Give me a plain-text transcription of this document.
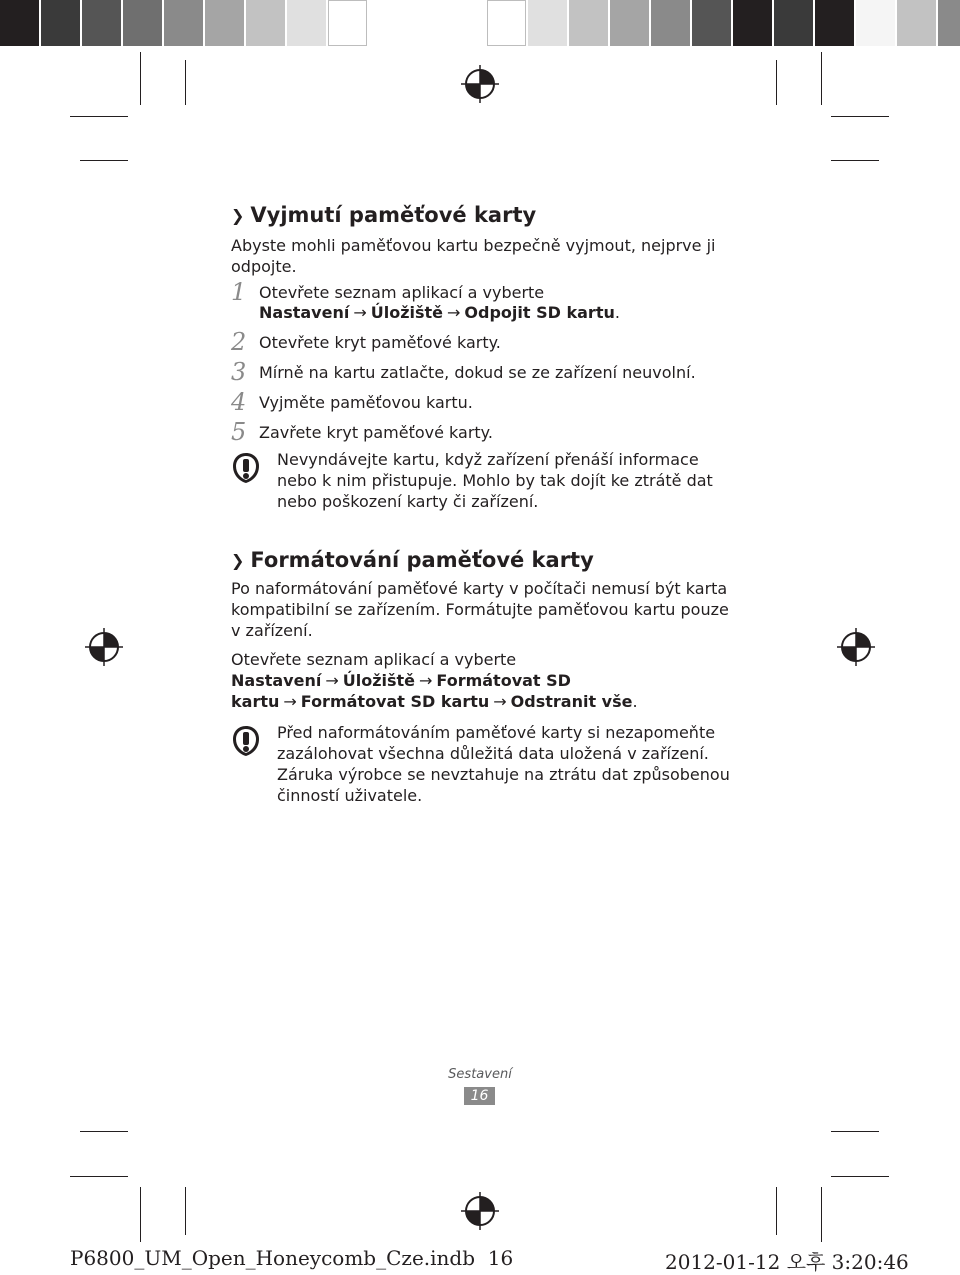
❯ Vyjmutí paměťové karty

Abyste mohli paměťovou kartu bezpečně vyjmout, nejprve ji odpojte.

1 Otevřete seznam aplikací a vyberte Nastavení → Úložiště → Odpojit SD kartu.
2 Otevřete kryt paměťové karty.
3 Mírně na kartu zatlačte, dokud se ze zařízení neuvolní.
4 Vyjměte paměťovou kartu.
5 Zavřete kryt paměťové karty.
Nevyndávejte kartu, když zařízení přenáší informace nebo k nim přistupuje. Mohlo by tak dojít ke ztrátě dat nebo poškození karty či zařízení.
❯ Formátování paměťové karty

Po naformátování paměťové karty v počítači nemusí být karta kompatibilní se zařízením. Formátujte paměťovou kartu pouze v zařízení.

Otevřete seznam aplikací a vyberte Nastavení → Úložiště → Formátovat SD kartu → Formátovat SD kartu → Odstranit vše.

Před naformátováním paměťové karty si nezapomeňte zazálohovat všechna důležitá data uložená v zařízení. Záruka výrobce se nevztahuje na ztrátu dat způsobenou činností uživatele.
Sestavení
16
P6800_UM_Open_Honeycomb_Cze.indb 16	2012-01-12 오후 3:20:46
